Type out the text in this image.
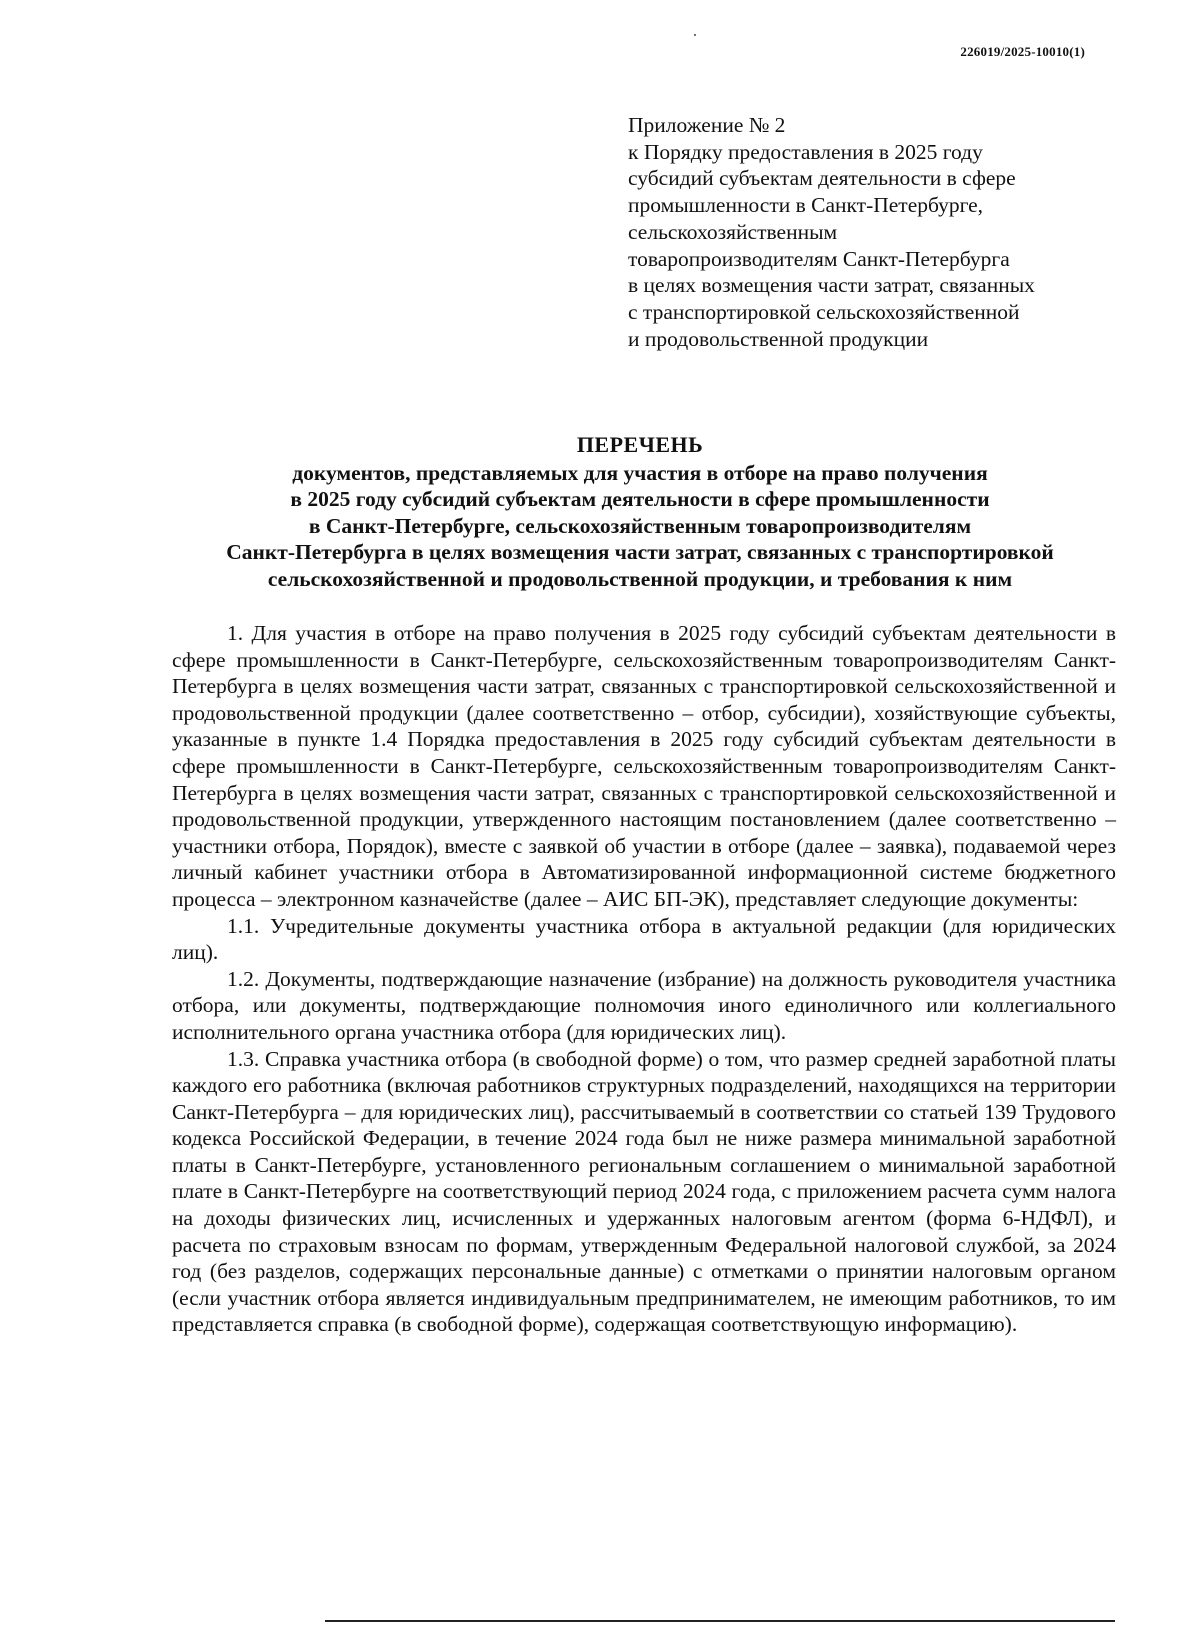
226019/2025-10010(1)
Приложение № 2
к Порядку предоставления в 2025 году
субсидий субъектам деятельности в сфере
промышленности в Санкт-Петербурге,
сельскохозяйственным
товаропроизводителям Санкт-Петербурга
в целях возмещения части затрат, связанных
с транспортировкой сельскохозяйственной
и продовольственной продукции
ПЕРЕЧЕНЬ
документов, представляемых для участия в отборе на право получения
в 2025 году субсидий субъектам деятельности в сфере промышленности
в Санкт-Петербурге, сельскохозяйственным товаропроизводителям
Санкт-Петербурга в целях возмещения части затрат, связанных с транспортировкой
сельскохозяйственной и продовольственной продукции, и требования к ним

1. Для участия в отборе на право получения в 2025 году субсидий субъектам деятельности в сфере промышленности в Санкт-Петербурге, сельскохозяйственным товаропроизводителям Санкт-Петербурга в целях возмещения части затрат, связанных с транспортировкой сельскохозяйственной и продовольственной продукции (далее соответственно – отбор, субсидии), хозяйствующие субъекты, указанные в пункте 1.4 Порядка предоставления в 2025 году субсидий субъектам деятельности в сфере промышленности в Санкт-Петербурге, сельскохозяйственным товаропроизводителям Санкт-Петербурга в целях возмещения части затрат, связанных с транспортировкой сельскохозяйственной и продовольственной продукции, утвержденного настоящим постановлением (далее соответственно – участники отбора, Порядок), вместе с заявкой об участии в отборе (далее – заявка), подаваемой через личный кабинет участники отбора в Автоматизированной информационной системе бюджетного процесса – электронном казначействе (далее – АИС БП-ЭК), представляет следующие документы:

1.1. Учредительные документы участника отбора в актуальной редакции (для юридических лиц).

1.2. Документы, подтверждающие назначение (избрание) на должность руководителя участника отбора, или документы, подтверждающие полномочия иного единоличного или коллегиального исполнительного органа участника отбора (для юридических лиц).

1.3. Справка участника отбора (в свободной форме) о том, что размер средней заработной платы каждого его работника (включая работников структурных подразделений, находящихся на территории Санкт-Петербурга – для юридических лиц), рассчитываемый в соответствии со статьей 139 Трудового кодекса Российской Федерации, в течение 2024 года был не ниже размера минимальной заработной платы в Санкт-Петербурге, установленного региональным соглашением о минимальной заработной плате в Санкт-Петербурге на соответствующий период 2024 года, с приложением расчета сумм налога на доходы физических лиц, исчисленных и удержанных налоговым агентом (форма 6-НДФЛ), и расчета по страховым взносам по формам, утвержденным Федеральной налоговой службой, за 2024 год (без разделов, содержащих персональные данные) с отметками о принятии налоговым органом (если участник отбора является индивидуальным предпринимателем, не имеющим работников, то им представляется справка (в свободной форме), содержащая соответствующую информацию).
